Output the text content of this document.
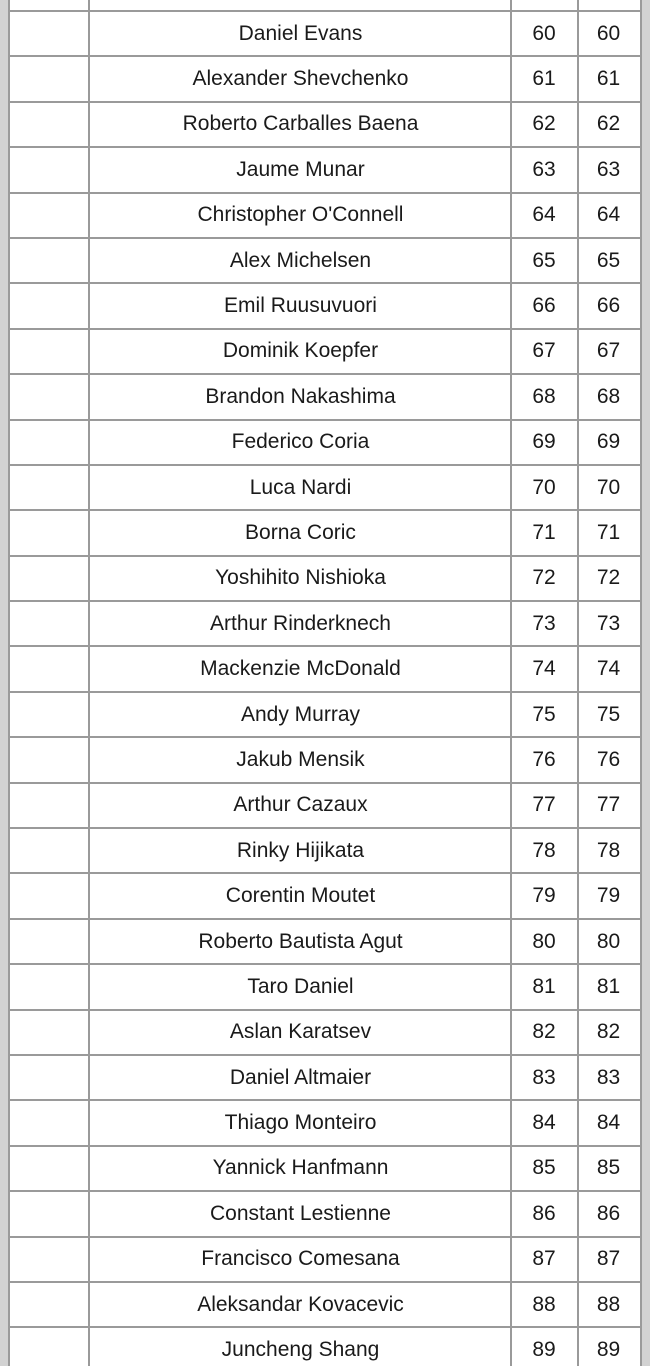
	Daniel Evans	60	60
	Alexander Shevchenko	61	61
	Roberto Carballes Baena	62	62
	Jaume Munar	63	63
	Christopher O'Connell	64	64
	Alex Michelsen	65	65
	Emil Ruusuvuori	66	66
	Dominik Koepfer	67	67
	Brandon Nakashima	68	68
	Federico Coria	69	69
	Luca Nardi	70	70
	Borna Coric	71	71
	Yoshihito Nishioka	72	72
	Arthur Rinderknech	73	73
	Mackenzie McDonald	74	74
	Andy Murray	75	75
	Jakub Mensik	76	76
	Arthur Cazaux	77	77
	Rinky Hijikata	78	78
	Corentin Moutet	79	79
	Roberto Bautista Agut	80	80
	Taro Daniel	81	81
	Aslan Karatsev	82	82
	Daniel Altmaier	83	83
	Thiago Monteiro	84	84
	Yannick Hanfmann	85	85
	Constant Lestienne	86	86
	Francisco Comesana	87	87
	Aleksandar Kovacevic	88	88
	Juncheng Shang	89	89
